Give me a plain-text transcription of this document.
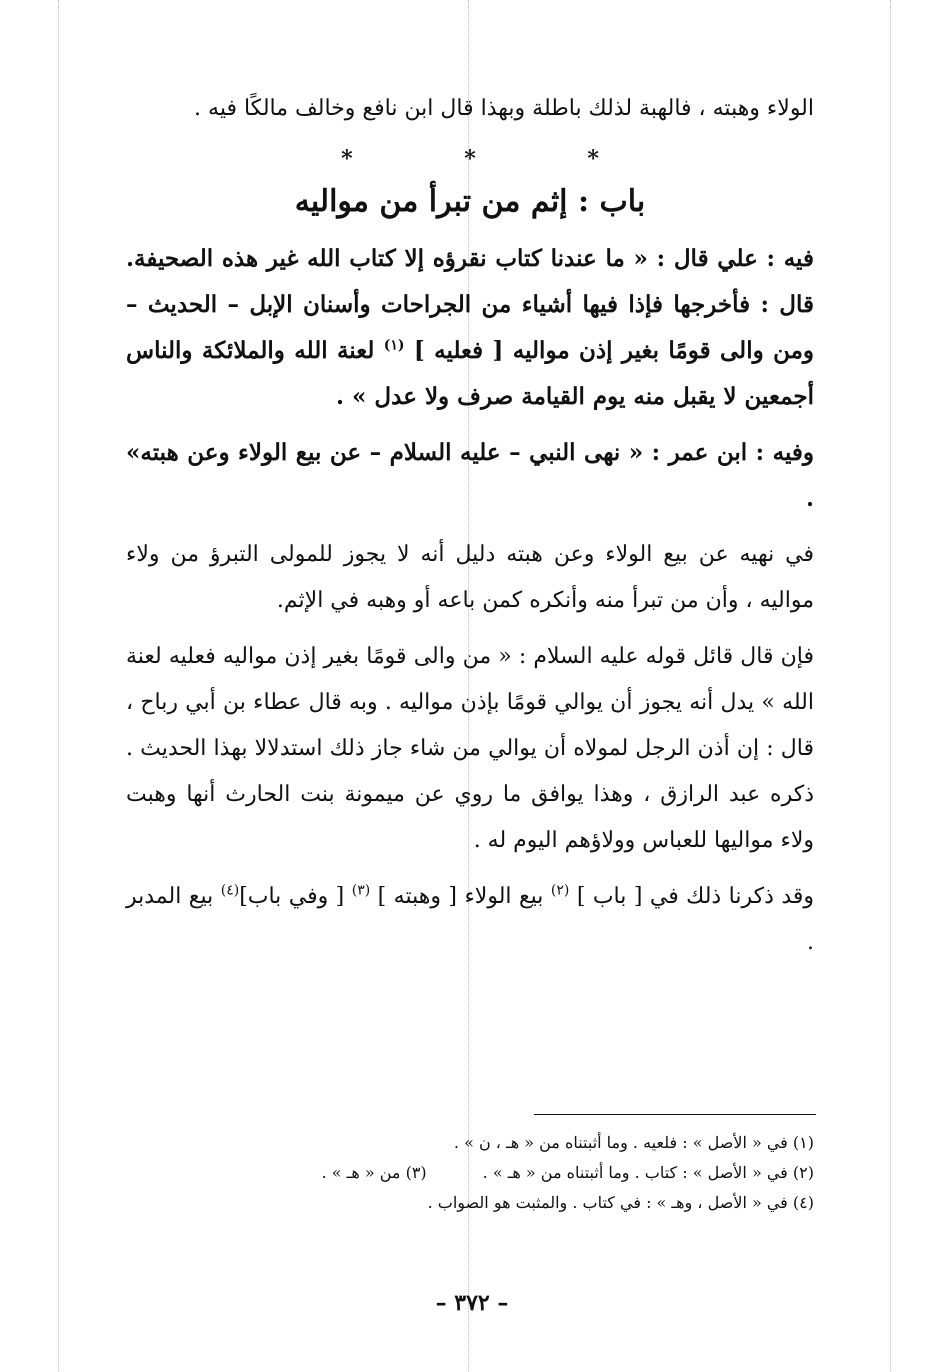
الولاء وهبته ، فالهبة لذلك باطلة وبهذا قال ابن نافع وخالف مالكًا فيه .

* * *
باب : إثم من تبرأ من مواليه

فيه : علي قال : « ما عندنا كتاب نقرؤه إلا كتاب الله غير هذه الصحيفة. قال : فأخرجها فإذا فيها أشياء من الجراحات وأسنان الإبل – الحديث – ومن والى قومًا بغير إذن مواليه [ فعليه ] $^{(١)}$ لعنة الله والملائكة والناس أجمعين لا يقبل منه يوم القيامة صرف ولا عدل » .

وفيه : ابن عمر : « نهى النبي – عليه السلام – عن بيع الولاء وعن هبته» .

في نهيه عن بيع الولاء وعن هبته دليل أنه لا يجوز للمولى التبرؤ من ولاء مواليه ، وأن من تبرأ منه وأنكره كمن باعه أو وهبه في الإثم.

فإن قال قائل قوله عليه السلام : « من والى قومًا بغير إذن مواليه فعليه لعنة الله » يدل أنه يجوز أن يوالي قومًا بإذن مواليه . وبه قال عطاء بن أبي رباح ، قال : إن أذن الرجل لمولاه أن يوالي من شاء جاز ذلك استدلالا بهذا الحديث . ذكره عبد الرازق ، وهذا يوافق ما روي عن ميمونة بنت الحارث أنها وهبت ولاء مواليها للعباس وولاؤهم اليوم له .

وقد ذكرنا ذلك في [ باب ] $^{(٢)}$ بيع الولاء [ وهبته ] $^{(٣)}$ [ وفي باب]$^{(٤)}$ بيع المدبر .

(١) في « الأصل » : فلعيه . وما أثبتناه من « هـ ، ن » .
(٢) في « الأصل » : كتاب . وما أثبتناه من « هـ » .
(٣) من « هـ » .
(٤) في « الأصل ، وهـ » : في كتاب . والمثبت هو الصواب .
– ٣٧٢ –
